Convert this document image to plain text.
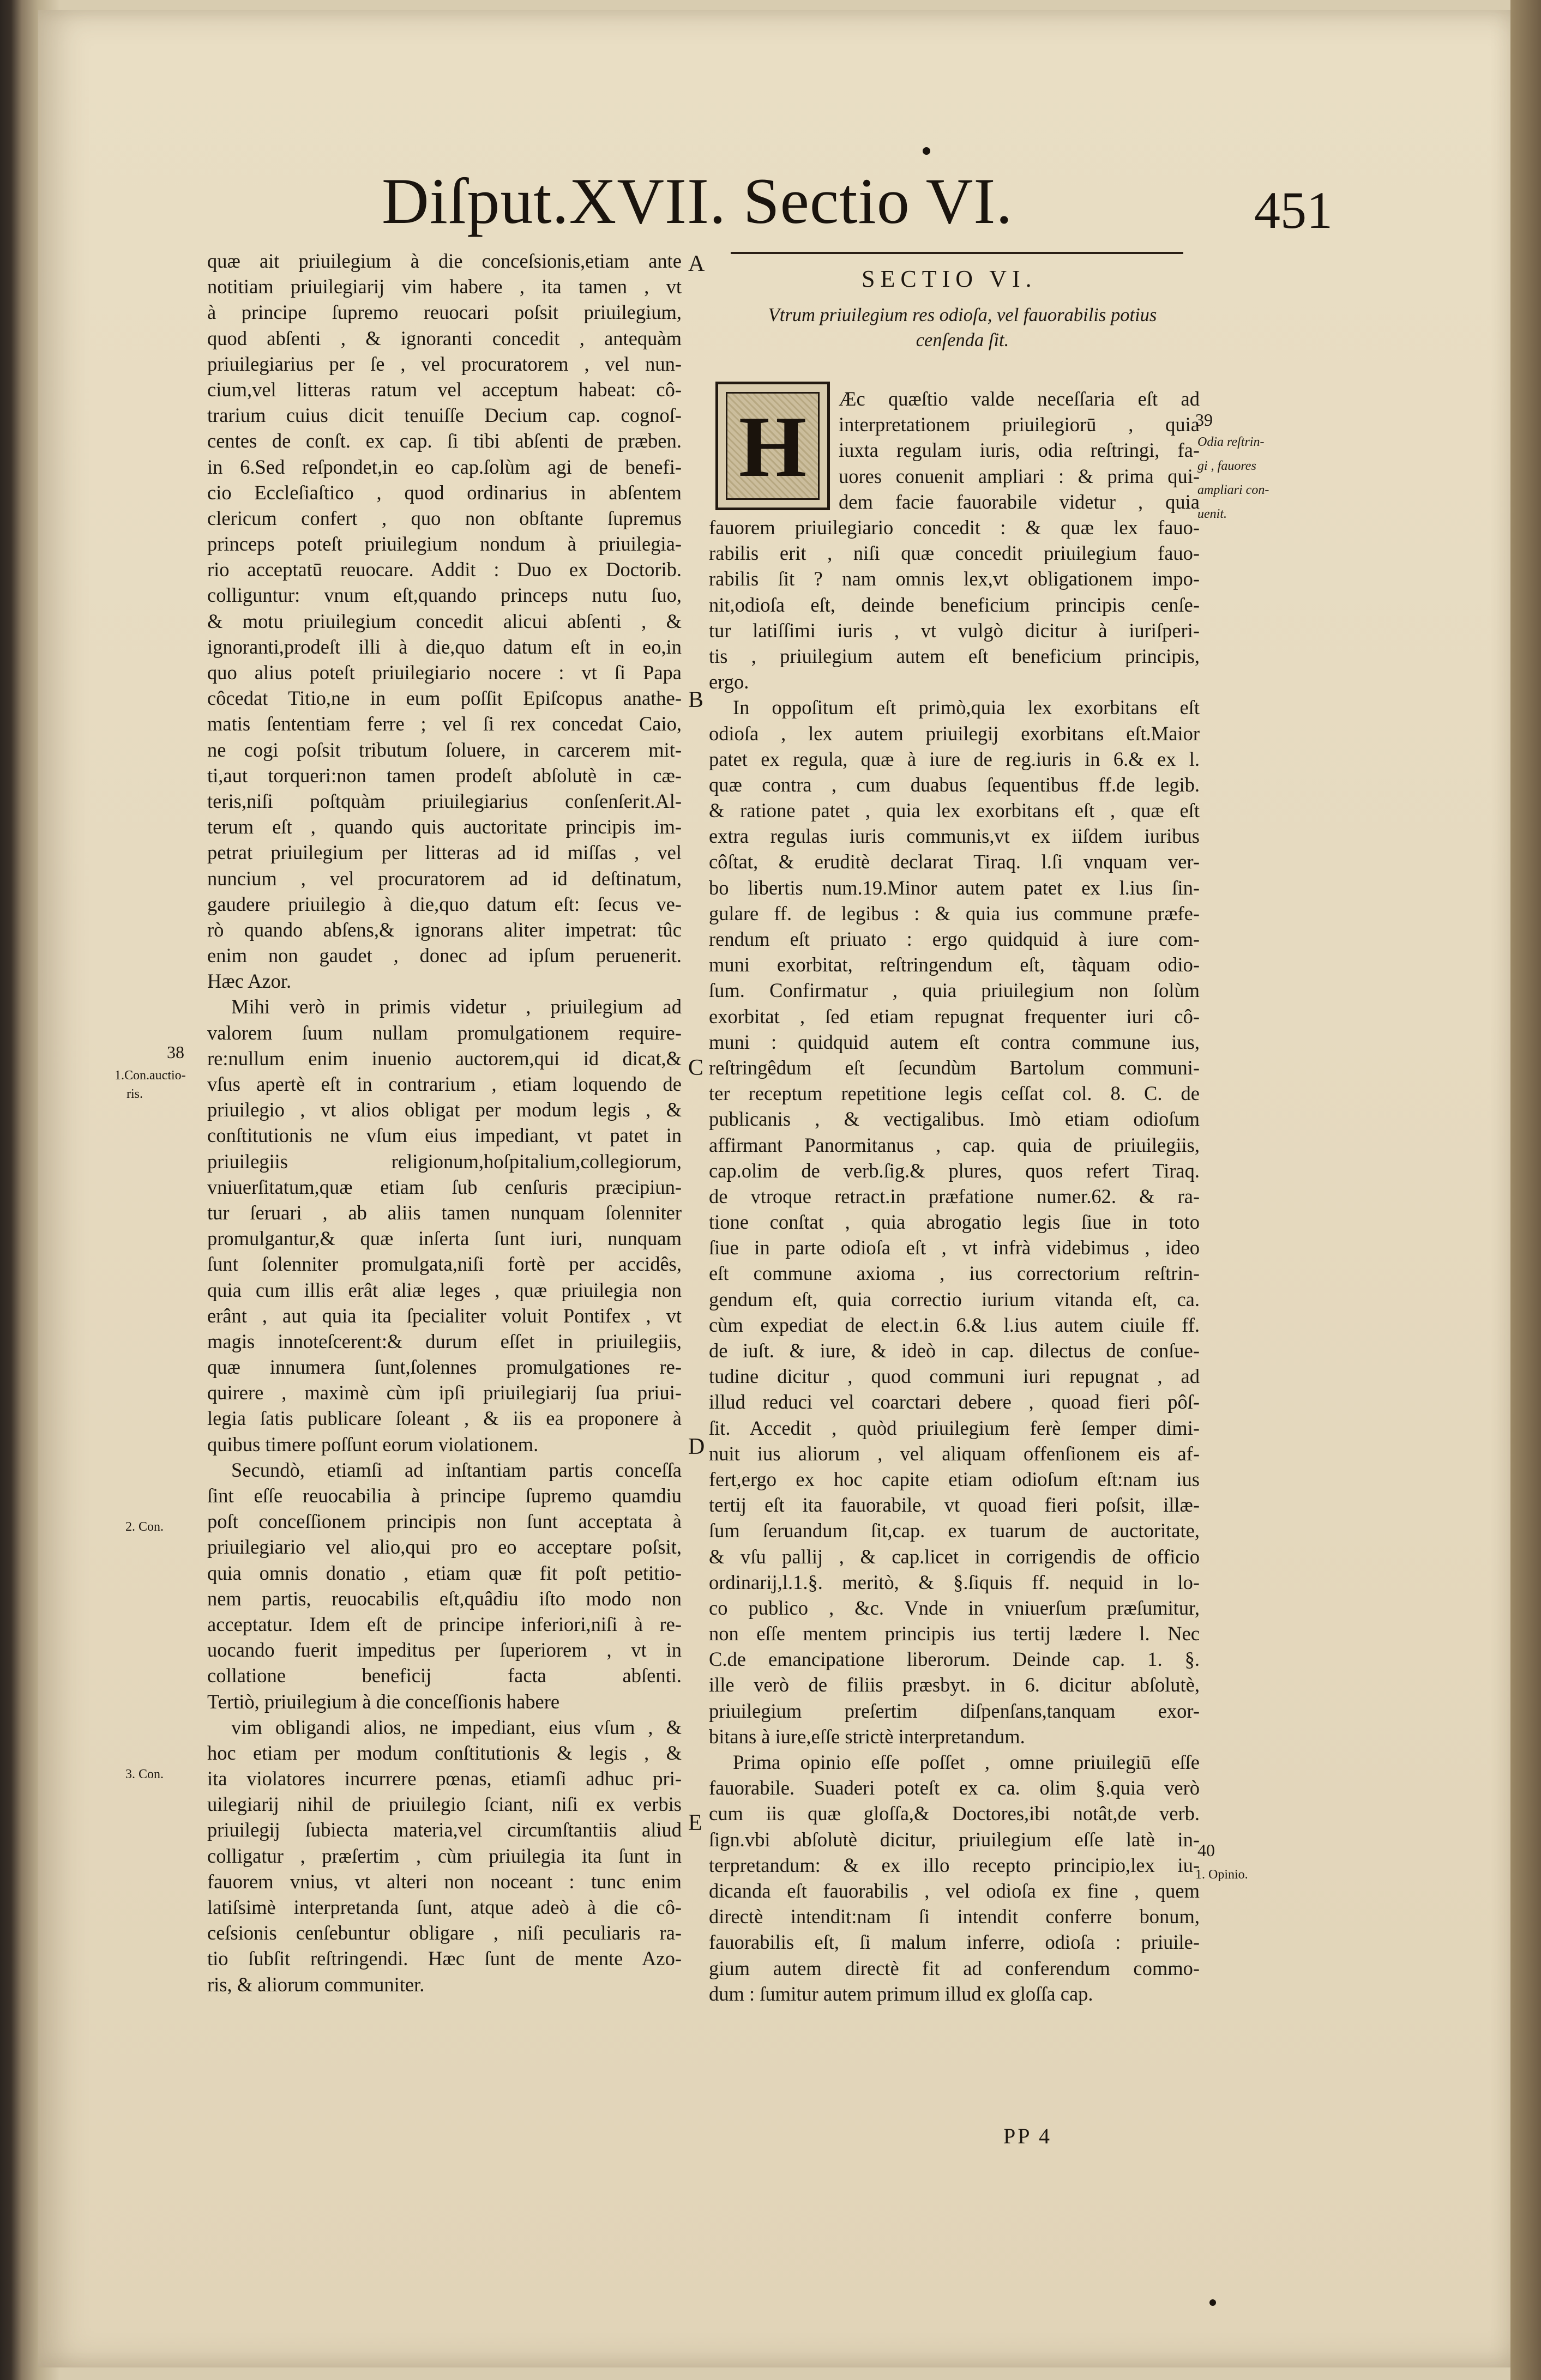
Diſput.XVII. Sectio VI.	451
A
B
C
D
E
38
1.Con.auctio-
ris.
2. Con.
3. Con.
39
Odia reſtrin-
gi , fauores
ampliari con-
uenit.
40
1. Opinio.
SECTIO VI.
Vtrum priuilegium res odioſa, vel fauorabilis potius
cenſenda ſit.
H
quæ ait priuilegium à die conceſsionis,etiam ante
notitiam priuilegiarij vim habere , ita tamen , vt
à principe ſupremo reuocari poſsit priuilegium,
quod abſenti , & ignoranti concedit , antequàm
priuilegiarius per ſe , vel procuratorem , vel nun-
cium,vel litteras ratum vel acceptum habeat: cô-
trarium cuius dicit tenuiſſe Decium cap. cognoſ-
centes de conſt. ex cap. ſi tibi abſenti de præben.
in 6.Sed reſpondet,in eo cap.ſolùm agi de benefi-
cio Eccleſiaſtico , quod ordinarius in abſentem
clericum confert , quo non obſtante ſupremus
princeps poteſt priuilegium nondum à priuilegia-
rio acceptatū reuocare. Addit : Duo ex Doctorib.
colliguntur: vnum eſt,quando princeps nutu ſuo,
& motu priuilegium concedit alicui abſenti , &
ignoranti,prodeſt illi à die,quo datum eſt in eo,in
quo alius poteſt priuilegiario nocere : vt ſi Papa
côcedat Titio,ne in eum poſſit Epiſcopus anathe-
matis ſententiam ferre ; vel ſi rex concedat Caio,
ne cogi poſsit tributum ſoluere, in carcerem mit-
ti,aut torqueri:non tamen prodeſt abſolutè in cæ-
teris,niſi poſtquàm priuilegiarius conſenſerit.Al-
terum eſt , quando quis auctoritate principis im-
petrat priuilegium per litteras ad id miſſas , vel
nuncium , vel procuratorem ad id deſtinatum,
gaudere priuilegio à die,quo datum eſt: ſecus ve-
rò quando abſens,& ignorans aliter impetrat: tûc
enim non gaudet , donec ad ipſum peruenerit.
Hæc Azor.
Mihi verò in primis videtur , priuilegium ad
valorem ſuum nullam promulgationem require-
re:nullum enim inuenio auctorem,qui id dicat,&
vſus apertè eſt in contrarium , etiam loquendo de
priuilegio , vt alios obligat per modum legis , &
conſtitutionis ne vſum eius impediant, vt patet in
priuilegiis religionum,hoſpitalium,collegiorum,
vniuerſitatum,quæ etiam ſub cenſuris præcipiun-
tur ſeruari , ab aliis tamen nunquam ſolenniter
promulgantur,& quæ inſerta ſunt iuri, nunquam
ſunt ſolenniter promulgata,niſi fortè per accidês,
quia cum illis erât aliæ leges , quæ priuilegia non
erânt , aut quia ita ſpecialiter voluit Pontifex , vt
magis innoteſcerent:& durum eſſet in priuilegiis,
quæ innumera ſunt,ſolennes promulgationes re-
quirere , maximè cùm ipſi priuilegiarij ſua priui-
legia ſatis publicare ſoleant , & iis ea proponere à
quibus timere poſſunt eorum violationem.
Secundò, etiamſi ad inſtantiam partis conceſſa
ſint eſſe reuocabilia à principe ſupremo quamdiu
poſt conceſſionem principis non ſunt acceptata à
priuilegiario vel alio,qui pro eo acceptare poſsit,
quia omnis donatio , etiam quæ fit poſt petitio-
nem partis, reuocabilis eſt,quâdiu iſto modo non
acceptatur. Idem eſt de principe inferiori,niſi à re-
uocando fuerit impeditus per ſuperiorem , vt in
collatione beneficij facta abſenti.
Tertiò, priuilegium à die conceſſionis habere
vim obligandi alios, ne impediant, eius vſum , &
hoc etiam per modum conſtitutionis & legis , &
ita violatores incurrere pœnas, etiamſi adhuc pri-
uilegiarij nihil de priuilegio ſciant, niſi ex verbis
priuilegij ſubiecta materia,vel circumſtantiis aliud
colligatur , præſertim , cùm priuilegia ita ſunt in
fauorem vnius, vt alteri non noceant : tunc enim
latiſsimè interpretanda ſunt, atque adeò à die cô-
ceſsionis cenſebuntur obligare , niſi peculiaris ra-
tio ſubſit reſtringendi. Hæc ſunt de mente Azo-
ris, & aliorum communiter.
Æc quæſtio valde neceſſaria eſt ad
interpretationem priuilegiorū , quia
iuxta regulam iuris, odia reſtringi, fa-
uores conuenit ampliari : & prima qui-
dem facie fauorabile videtur , quia
fauorem priuilegiario concedit : & quæ lex fauo-
rabilis erit , niſi quæ concedit priuilegium fauo-
rabilis ſit ? nam omnis lex,vt obligationem impo-
nit,odioſa eſt, deinde beneficium principis cenſe-
tur latiſſimi iuris , vt vulgò dicitur à iuriſperi-
tis , priuilegium autem eſt beneficium principis,
ergo.
In oppoſitum eſt primò,quia lex exorbitans eſt
odioſa , lex autem priuilegij exorbitans eſt.Maior
patet ex regula, quæ à iure de reg.iuris in 6.& ex l.
quæ contra , cum duabus ſequentibus ff.de legib.
& ratione patet , quia lex exorbitans eſt , quæ eſt
extra regulas iuris communis,vt ex iiſdem iuribus
côſtat, & eruditè declarat Tiraq. l.ſi vnquam ver-
bo libertis num.19.Minor autem patet ex l.ius ſin-
gulare ff. de legibus : & quia ius commune præfe-
rendum eſt priuato : ergo quidquid à iure com-
muni exorbitat, reſtringendum eſt, tàquam odio-
ſum. Confirmatur , quia priuilegium non ſolùm
exorbitat , ſed etiam repugnat frequenter iuri cô-
muni : quidquid autem eſt contra commune ius,
reſtringêdum eſt ſecundùm Bartolum communi-
ter receptum repetitione legis ceſſat col. 8. C. de
publicanis , & vectigalibus. Imò etiam odioſum
affirmant Panormitanus , cap. quia de priuilegiis,
cap.olim de verb.ſig.& plures, quos refert Tiraq.
de vtroque retract.in præfatione numer.62. & ra-
tione conſtat , quia abrogatio legis ſiue in toto
ſiue in parte odioſa eſt , vt infrà videbimus , ideo
eſt commune axioma , ius correctorium reſtrin-
gendum eſt, quia correctio iurium vitanda eſt, ca.
cùm expediat de elect.in 6.& l.ius autem ciuile ff.
de iuſt. & iure, & ideò in cap. dilectus de conſue-
tudine dicitur , quod communi iuri repugnat , ad
illud reduci vel coarctari debere , quoad fieri pôſ-
ſit. Accedit , quòd priuilegium ferè ſemper dimi-
nuit ius aliorum , vel aliquam offenſionem eis af-
fert,ergo ex hoc capite etiam odioſum eſt:nam ius
tertij eſt ita fauorabile, vt quoad fieri poſsit, illæ-
ſum ſeruandum ſit,cap. ex tuarum de auctoritate,
& vſu pallij , & cap.licet in corrigendis de officio
ordinarij,l.1.§. meritò, & §.ſiquis ff. nequid in lo-
co publico , &c. Vnde in vniuerſum præſumitur,
non eſſe mentem principis ius tertij lædere l. Nec
C.de emancipatione liberorum. Deinde cap. 1. §.
ille verò de filiis præsbyt. in 6. dicitur abſolutè,
priuilegium preſertim diſpenſans,tanquam exor-
bitans à iure,eſſe strictè interpretandum.
Prima opinio eſſe poſſet , omne priuilegiū eſſe
fauorabile. Suaderi poteſt ex ca. olim §.quia verò
cum iis quæ gloſſa,& Doctores,ibi notât,de verb.
ſign.vbi abſolutè dicitur, priuilegium eſſe latè in-
terpretandum: & ex illo recepto principio,lex iu-
dicanda eſt fauorabilis , vel odioſa ex fine , quem
directè intendit:nam ſi intendit conferre bonum,
fauorabilis eſt, ſi malum inferre, odioſa : priuile-
gium autem directè fit ad conferendum commo-
dum : ſumitur autem primum illud ex gloſſa cap.
PP 4
